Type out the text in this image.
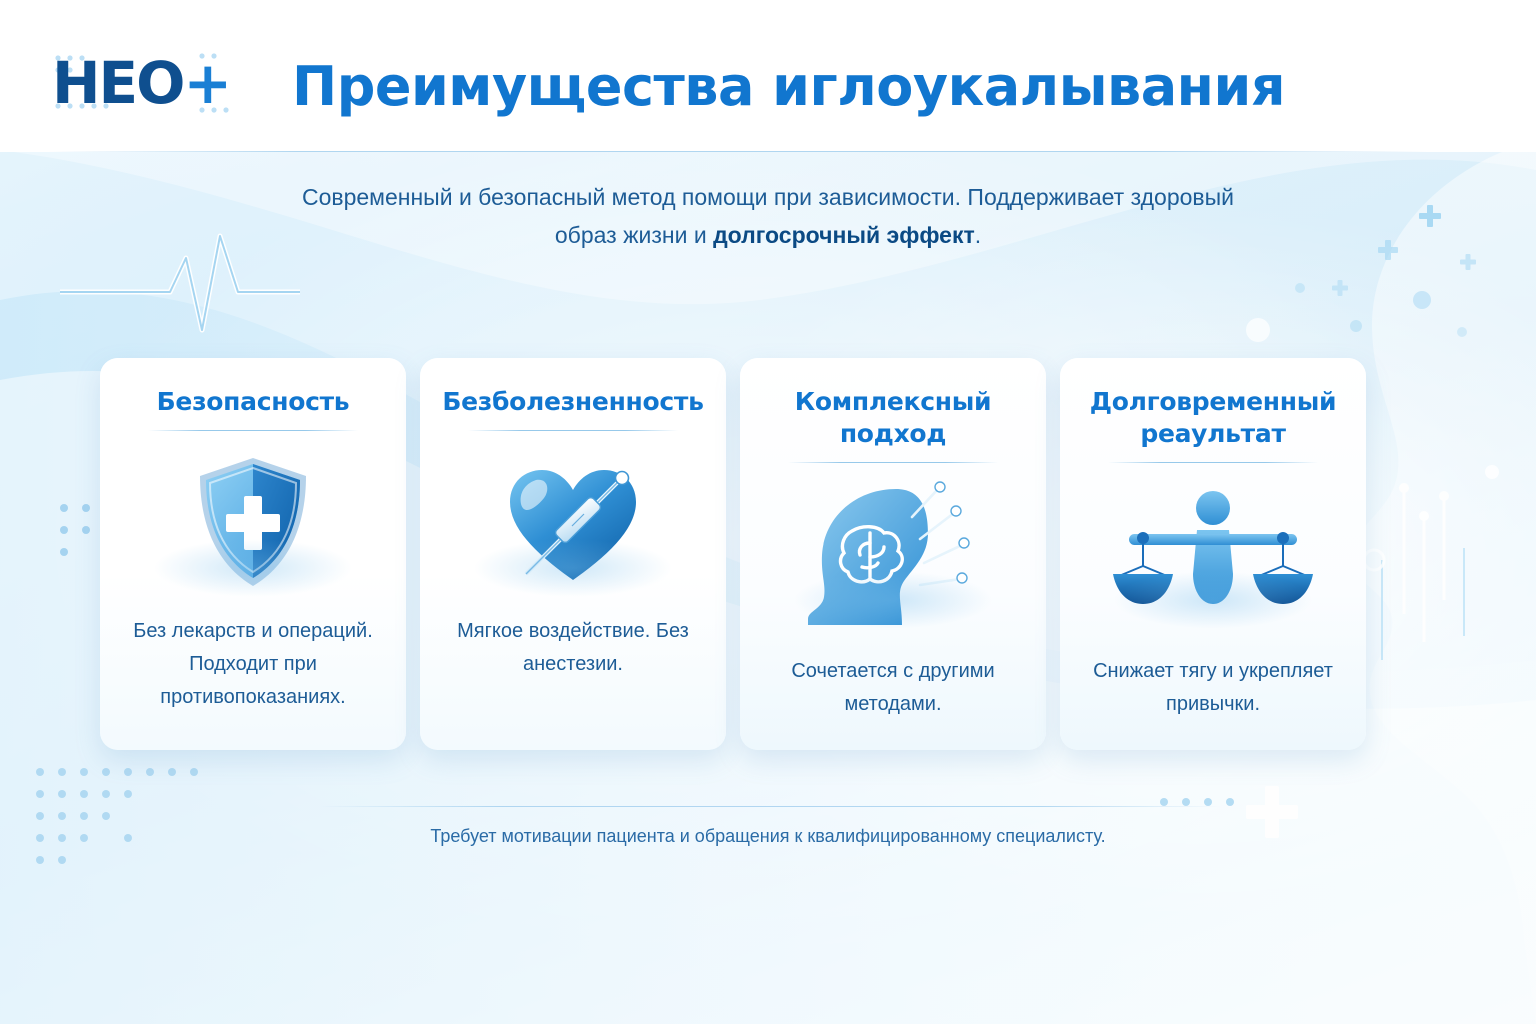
HEO+ Преимущества иглоукалывания

Современный и безопасный метод помощи при зависимости. Поддерживает здоровый образ жизни и долгосрочный эффект.

Безопасность
Без лекарств и операций. Подходит при противопоказаниях.
Безболезненность
Мягкое воздействие. Без анестезии.
Комплексный подход
Сочетается с другими методами.
Долговременный реаультат
Снижает тягу и укрепляет привычки.

Требует мотивации пациента и обращения к квалифицированному специалисту.
